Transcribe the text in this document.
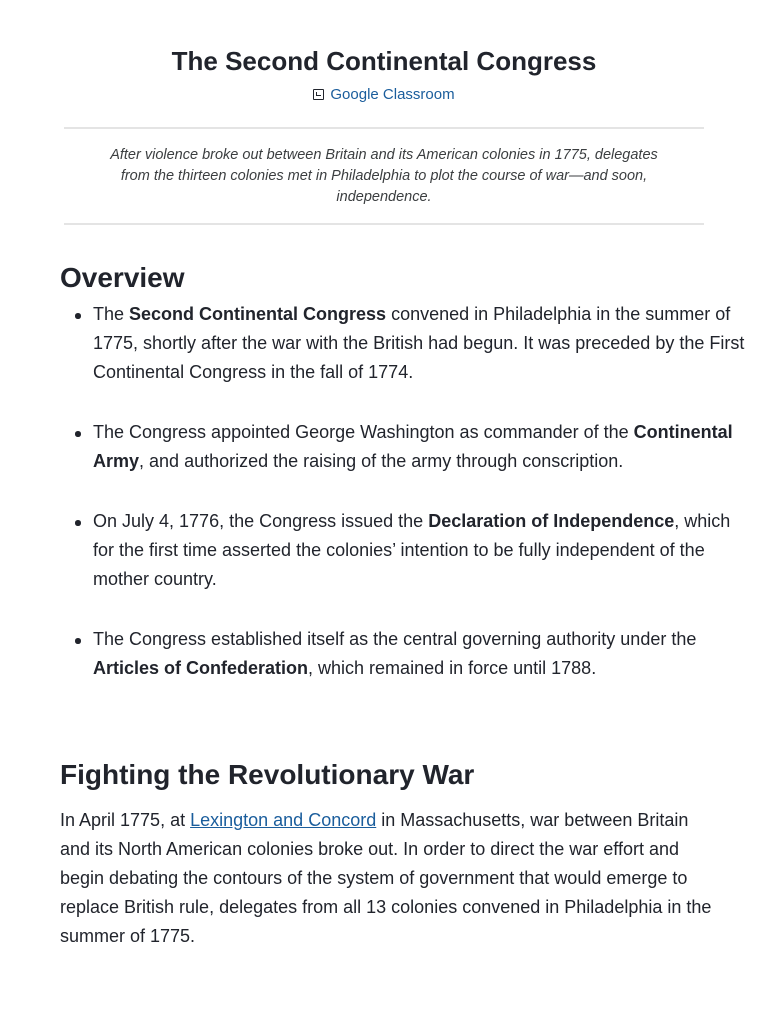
The Second Continental Congress
Google Classroom

After violence broke out between Britain and its American colonies in 1775, delegates from the thirteen colonies met in Philadelphia to plot the course of war—and soon, independence.

Overview
The Second Continental Congress convened in Philadelphia in the summer of 1775, shortly after the war with the British had begun. It was preceded by the First Continental Congress in the fall of 1774.
The Congress appointed George Washington as commander of the Continental Army, and authorized the raising of the army through conscription.
On July 4, 1776, the Congress issued the Declaration of Independence, which for the first time asserted the colonies’ intention to be fully independent of the mother country.
The Congress established itself as the central governing authority under the Articles of Confederation, which remained in force until 1788.
Fighting the Revolutionary War

In April 1775, at Lexington and Concord in Massachusetts, war between Britain and its North American colonies broke out. In order to direct the war effort and begin debating the contours of the system of government that would emerge to replace British rule, delegates from all 13 colonies convened in Philadelphia in the summer of 1775.
